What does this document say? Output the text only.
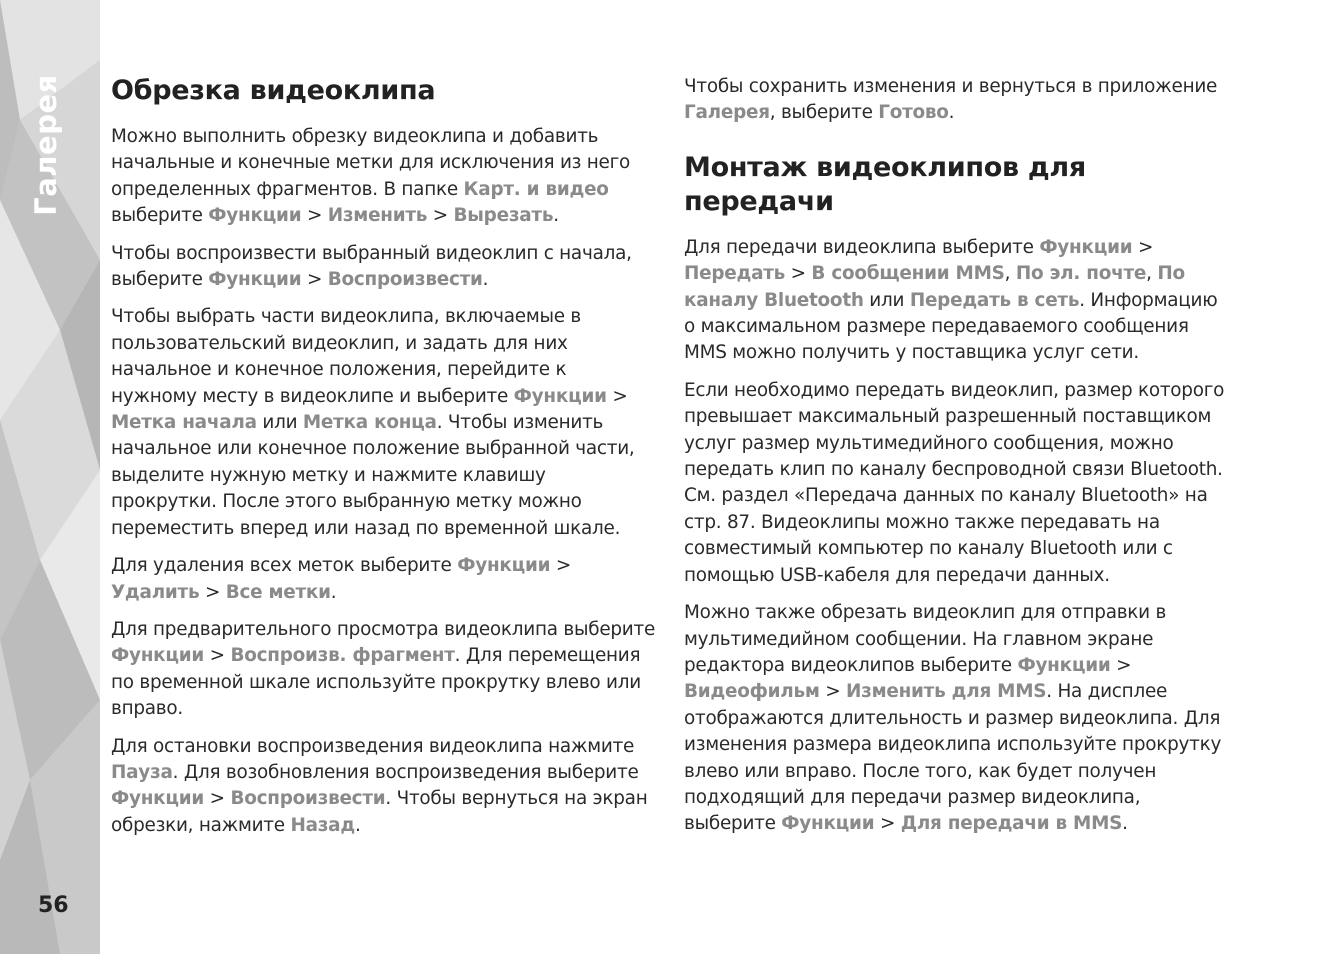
Галерея
56
Обрезка видеоклипа

Можно выполнить обрезку видеоклипа и добавить начальные и конечные метки для исключения из него определенных фрагментов. В папке Карт. и видео выберите Функции > Изменить > Вырезать.

Чтобы воспроизвести выбранный видеоклип с начала, выберите Функции > Воспроизвести.

Чтобы выбрать части видеоклипа, включаемые в пользовательский видеоклип, и задать для них начальное и конечное положения, перейдите к нужному месту в видеоклипе и выберите Функции > Метка начала или Метка конца. Чтобы изменить начальное или конечное положение выбранной части, выделите нужную метку и нажмите клавишу прокрутки. После этого выбранную метку можно переместить вперед или назад по временной шкале.

Для удаления всех меток выберите Функции > Удалить > Все метки.

Для предварительного просмотра видеоклипа выберите Функции > Воспроизв. фрагмент. Для перемещения по временной шкале используйте прокрутку влево или вправо.

Для остановки воспроизведения видеоклипа нажмите Пауза. Для возобновления воспроизведения выберите Функции > Воспроизвести. Чтобы вернуться на экран обрезки, нажмите Назад.

Чтобы сохранить изменения и вернуться в приложение Галерея, выберите Готово.

Монтаж видеоклипов для передачи

Для передачи видеоклипа выберите Функции > Передать > В сообщении MMS, По эл. почте, По каналу Bluetooth или Передать в сеть. Информацию о максимальном размере передаваемого сообщения MMS можно получить у поставщика услуг сети.

Если необходимо передать видеоклип, размер которого превышает максимальный разрешенный поставщиком услуг размер мультимедийного сообщения, можно передать клип по каналу беспроводной связи Bluetooth. См. раздел «Передача данных по каналу Bluetooth» на стр. 87. Видеоклипы можно также передавать на совместимый компьютер по каналу Bluetooth или с помощью USB-кабеля для передачи данных.

Можно также обрезать видеоклип для отправки в мультимедийном сообщении. На главном экране редактора видеоклипов выберите Функции > Видеофильм > Изменить для MMS. На дисплее отображаются длительность и размер видеоклипа. Для изменения размера видеоклипа используйте прокрутку влево или вправо. После того, как будет получен подходящий для передачи размер видеоклипа, выберите Функции > Для передачи в MMS.
